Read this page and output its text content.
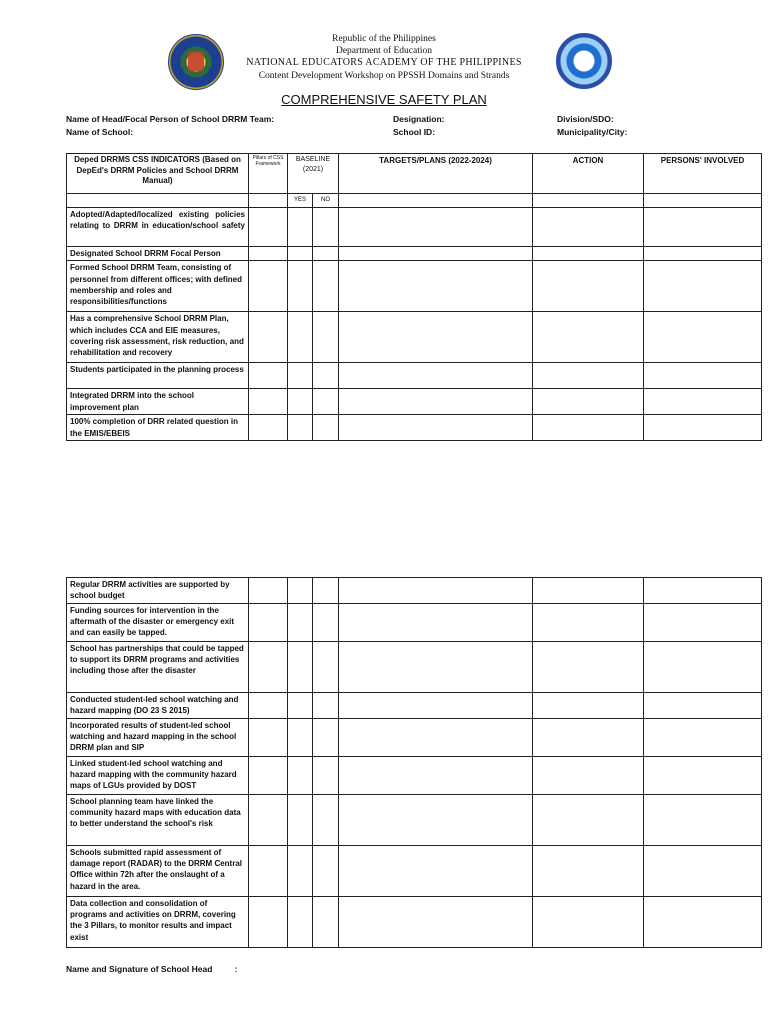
Republic of the Philippines
Department of Education
NATIONAL EDUCATORS ACADEMY OF THE PHILIPPINES
Content Development Workshop on PPSSH Domains and Strands
COMPREHENSIVE SAFETY PLAN
Name of Head/Focal Person of School DRRM Team:	Designation:	Division/SDO:
Name of School:	School ID:	Municipality/City:
Deped DRRMS CSS INDICATORS (Based on DepEd's DRRM Policies and School DRRM Manual)	Pillars of CSS Framework	BASELINE (2021)		TARGETS/PLANS (2022-2024)	ACTION	PERSONS' INVOLVED
		YES	NO			
Adopted/Adapted/localized existing policies relating to DRRM in education/school safety						
Designated School DRRM Focal Person						
Formed School DRRM Team, consisting of personnel from different offices; with defined membership and roles and responsibilities/functions						
Has a comprehensive School DRRM Plan, which includes CCA and EIE measures, covering risk assessment, risk reduction, and rehabilitation and recovery						
Students participated in the planning process						
Integrated DRRM into the school improvement plan						
100% completion of DRR related question in the EMIS/EBEIS						
Regular DRRM activities are supported by school budget						
Funding sources for intervention in the aftermath of the disaster or emergency exit and can easily be tapped.						
School has partnerships that could be tapped to support its DRRM programs and activities including those after the disaster						
Conducted student-led school watching and hazard mapping (DO 23 S 2015)						
Incorporated results of student-led school watching and hazard mapping in the school DRRM plan and SIP						
Linked student-led school watching and hazard mapping with the community hazard maps of LGUs provided by DOST						
School planning team have linked the community hazard maps with education data to better understand the school's risk						
Schools submitted rapid assessment of damage report (RADAR) to the DRRM Central Office within 72h after the onslaught of a hazard in the area.						
Data collection and consolidation of programs and activities on DRRM, covering the 3 Pillars, to monitor results and impact exist						
Name and Signature of School Head	:
